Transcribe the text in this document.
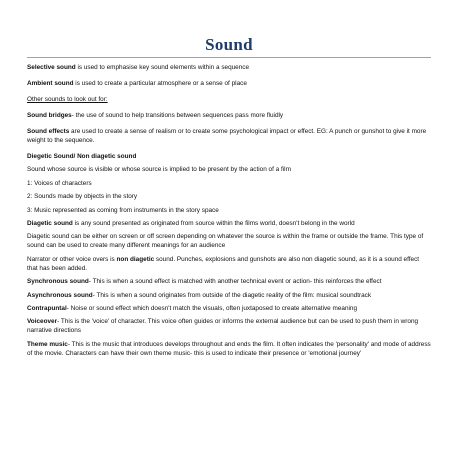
Sound

Selective sound is used to emphasise key sound elements within a sequence

Ambient sound is used to create a particular atmosphere or a sense of place

Other sounds to look out for:

Sound bridges- the use of sound to help transitions between sequences pass more fluidly

Sound effects are used to create a sense of realism or to create some psychological impact or effect. EG: A punch or gunshot to give it more weight to the sequence.

Diegetic Sound/ Non diagetic sound

Sound whose source is visible or whose source is implied to be present by the action of a film

1: Voices of characters

2: Sounds made by objects in the story

3: Music represented as coming from instruments in the story space

Diagetic sound is any sound presented as originated from source within the films world, doesn't belong in the world

Diagetic sound can be either on screen or off screen depending on whatever the source is within the frame or outside the frame. This type of sound can be used to create many different meanings for an audience

Narrator or other voice overs is non diagetic sound. Punches, explosions and gunshots are also non diagetic sound, as it is a sound effect that has been added.

Synchronous sound- This is when a sound effect is matched with another technical event or action- this reinforces the effect

Asynchronous sound- This is when a sound originates from outside of the diagetic reality of the film: musical soundtrack

Contrapuntal- Noise or sound effect which doesn't match the visuals, often juxtaposed to create alternative meaning

Voiceover- This is the 'voice' of character. This voice often guides or informs the external audience but can be used to push them in wrong narrative directions

Theme music- This is the music that introduces develops throughout and ends the film. It often indicates the 'personality' and mode of address of the movie. Characters can have their own theme music- this is used to indicate their presence or 'emotional journey'
